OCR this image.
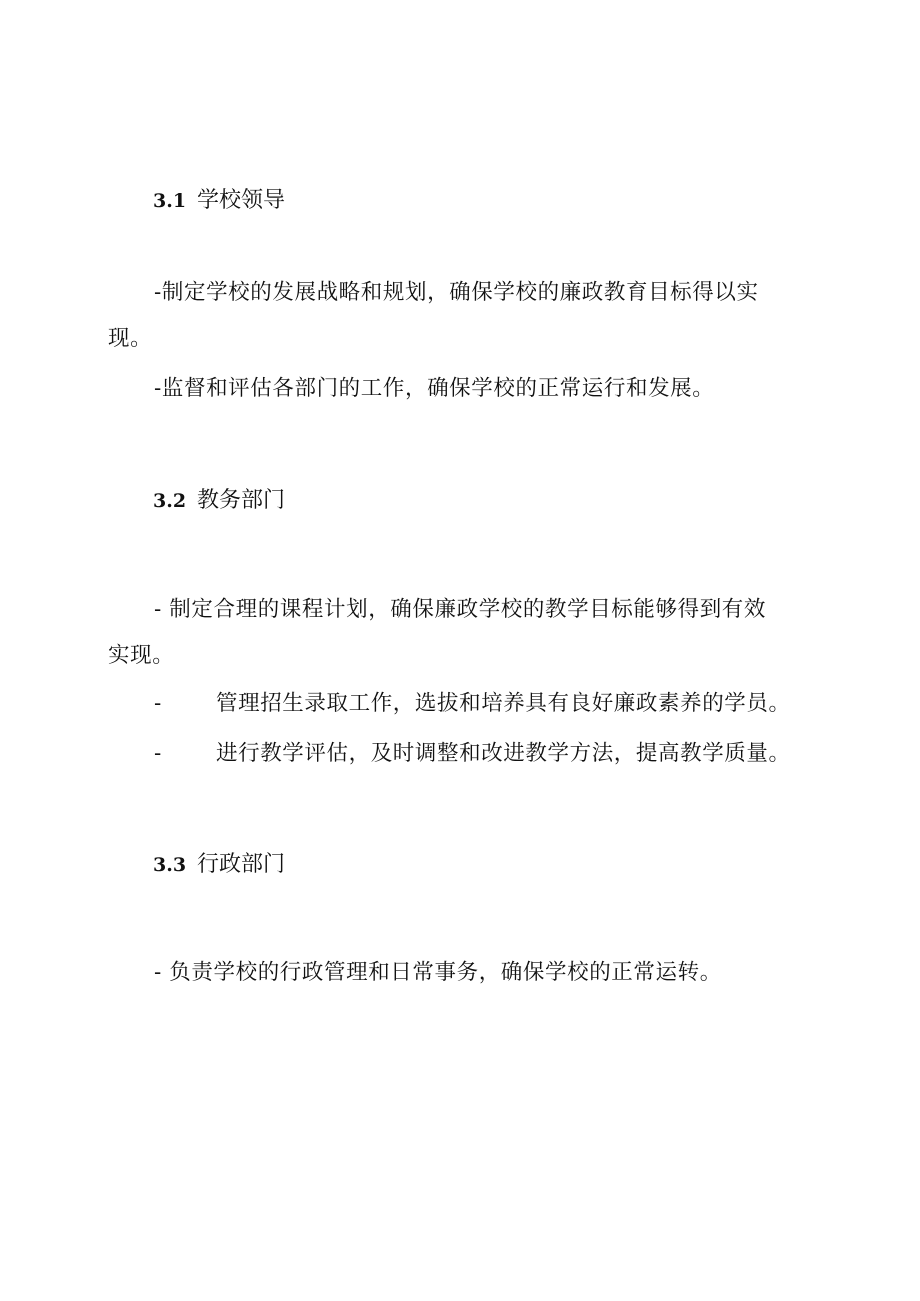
3.1 学校领导
-制定学校的发展战略和规划，确保学校的廉政教育目标得以实
现。
-监督和评估各部门的工作，确保学校的正常运行和发展。
3.2 教务部门
- 制定合理的课程计划，确保廉政学校的教学目标能够得到有效
实现。
-	管理招生录取工作，选拔和培养具有良好廉政素养的学员。
-	进行教学评估，及时调整和改进教学方法，提高教学质量。
3.3 行政部门
- 负责学校的行政管理和日常事务，确保学校的正常运转。
